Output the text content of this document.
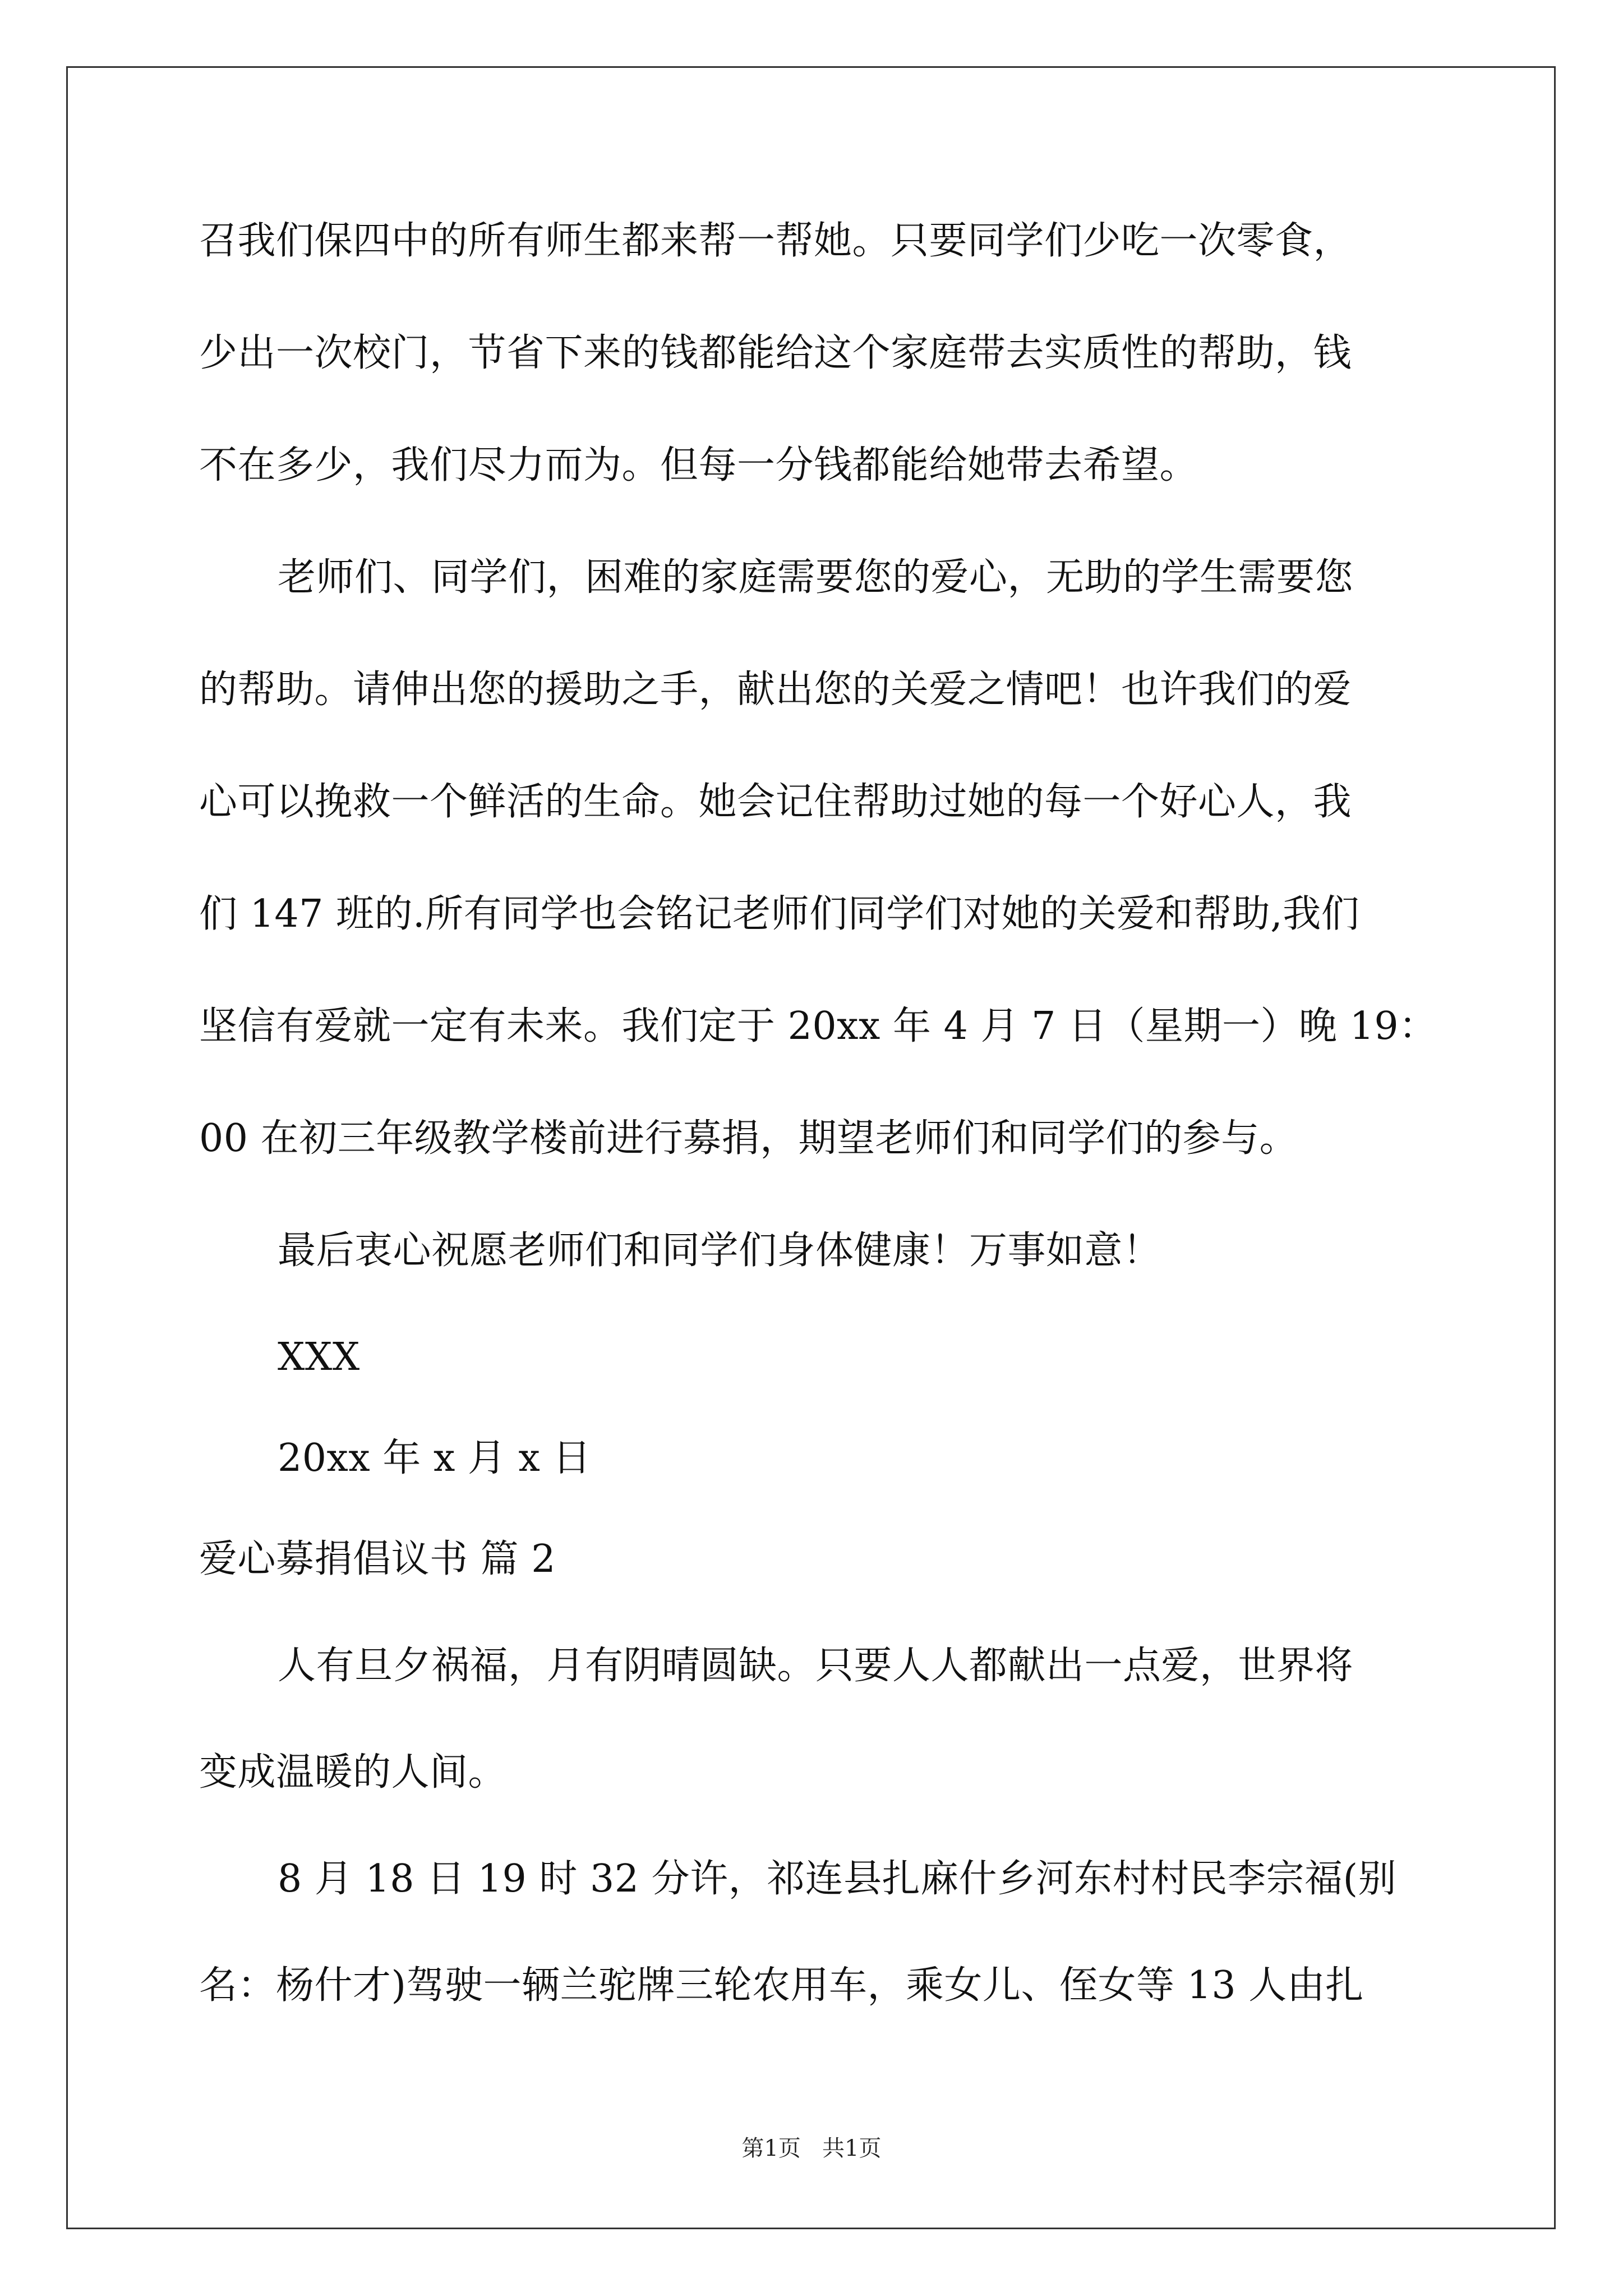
召我们保四中的所有师生都来帮一帮她。只要同学们少吃一次零食，
少出一次校门，节省下来的钱都能给这个家庭带去实质性的帮助，钱
不在多少，我们尽力而为。但每一分钱都能给她带去希望。
老师们、同学们，困难的家庭需要您的爱心，无助的学生需要您
的帮助。请伸出您的援助之手，献出您的关爱之情吧！也许我们的爱
心可以挽救一个鲜活的生命。她会记住帮助过她的每一个好心人，我
们 147 班的.所有同学也会铭记老师们同学们对她的关爱和帮助,我们
坚信有爱就一定有未来。我们定于 20xx 年 4 月 7 日（星期一）晚 19：
00 在初三年级教学楼前进行募捐，期望老师们和同学们的参与。
最后衷心祝愿老师们和同学们身体健康！万事如意！
XXX
20xx 年 x 月 x 日
爱心募捐倡议书 篇 2
人有旦夕祸福，月有阴晴圆缺。只要人人都献出一点爱，世界将
变成温暖的人间。
8 月 18 日 19 时 32 分许，祁连县扎麻什乡河东村村民李宗福(别
名：杨什才)驾驶一辆兰驼牌三轮农用车，乘女儿、侄女等 13 人由扎
第1页   共1页
